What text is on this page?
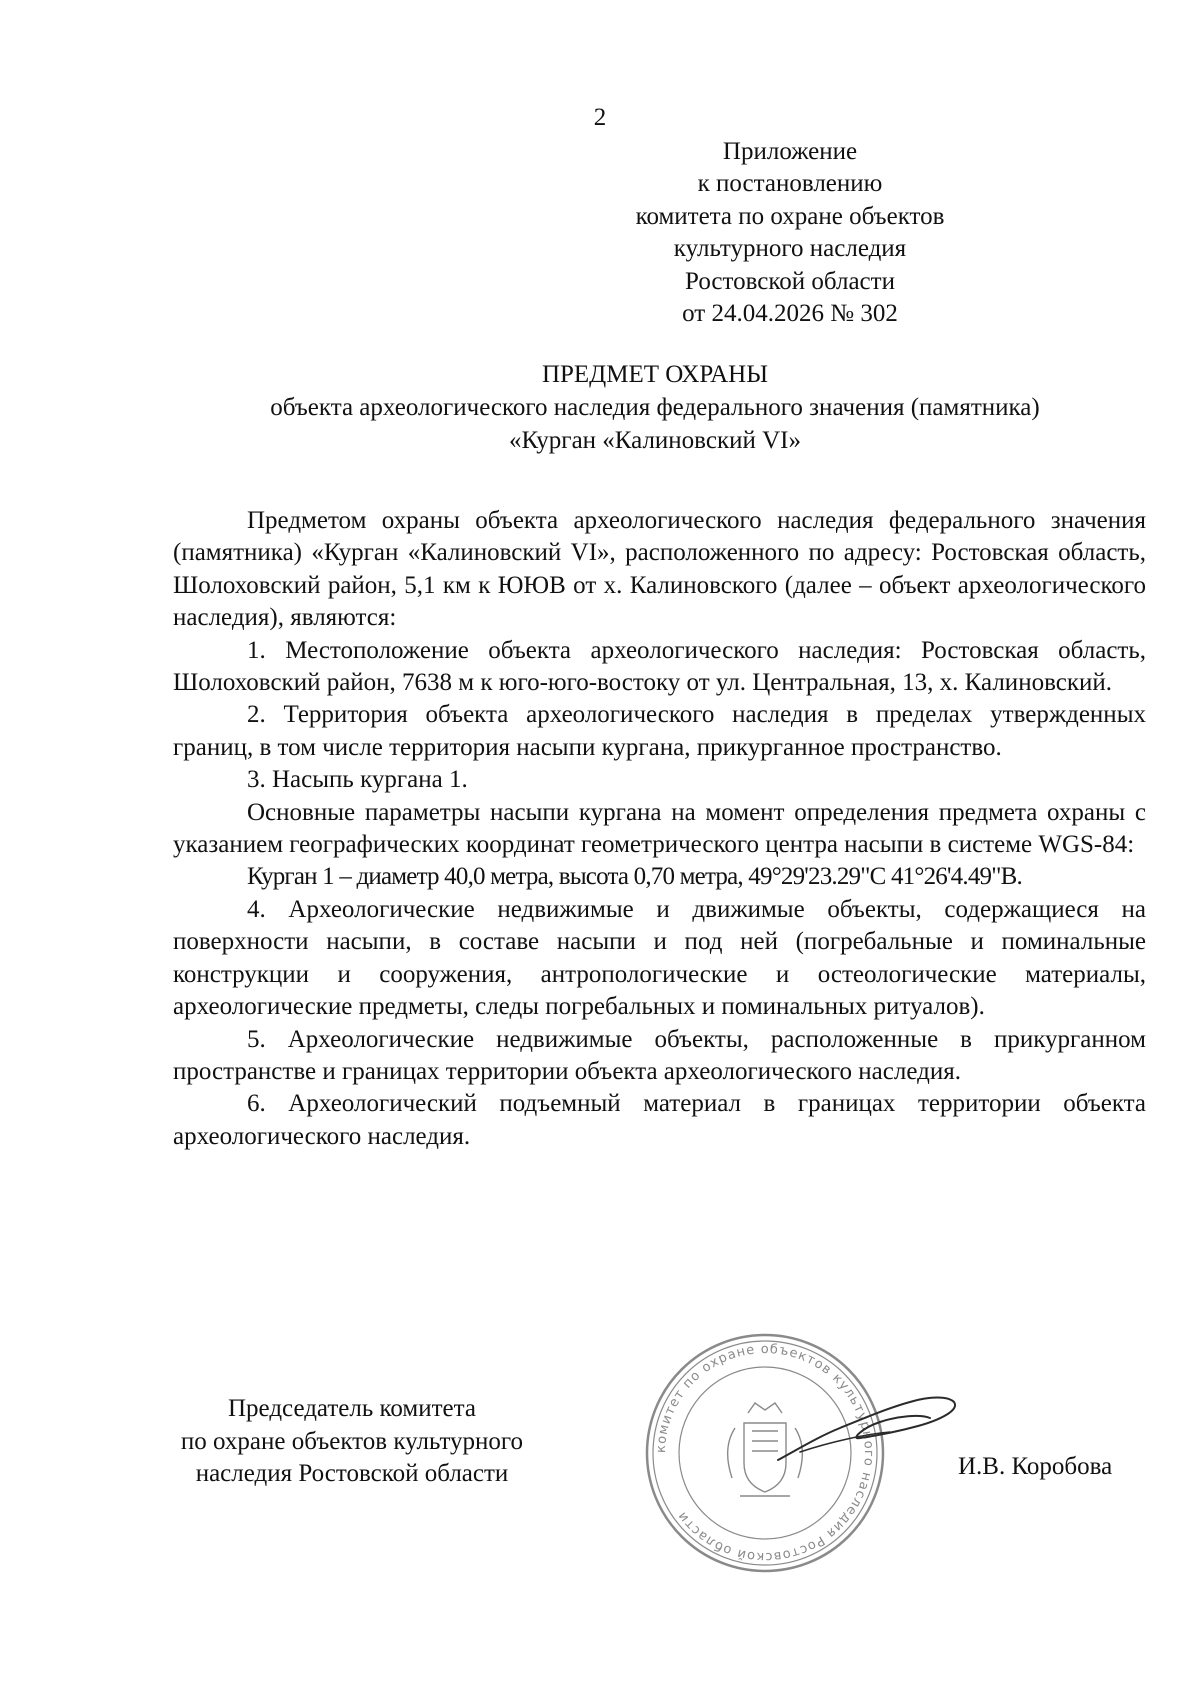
2
Приложение
к постановлению
комитета по охране объектов
культурного наследия
Ростовской области
от 24.04.2026 № 302
ПРЕДМЕТ ОХРАНЫ
объекта археологического наследия федерального значения (памятника)
«Курган «Калиновский VI»

Предметом охраны объекта археологического наследия федерального значения (памятника) «Курган «Калиновский VI», расположенного по адресу: Ростовская область, Шолоховский район, 5,1 км к ЮЮВ от х. Калиновского (далее – объект археологического наследия), являются:

1. Местоположение объекта археологического наследия: Ростовская область, Шолоховский район, 7638 м к юго-юго-востоку от ул. Центральная, 13, х. Калиновский.

2. Территория объекта археологического наследия в пределах утвержденных границ, в том числе территория насыпи кургана, прикурганное пространство.

3. Насыпь кургана 1.

Основные параметры насыпи кургана на момент определения предмета охраны с указанием географических координат геометрического центра насыпи в системе WGS-84:

Курган 1 – диаметр 40,0 метра, высота 0,70 метра, 49°29'23.29"С 41°26'4.49"В.

4. Археологические недвижимые и движимые объекты, содержащиеся на поверхности насыпи, в составе насыпи и под ней (погребальные и поминальные конструкции и сооружения, антропологические и остеологические материалы, археологические предметы, следы погребальных и поминальных ритуалов).

5. Археологические недвижимые объекты, расположенные в прикурганном пространстве и границах территории объекта археологического наследия.

6. Археологический подъемный материал в границах территории объекта археологического наследия.

Председатель комитета
по охране объектов культурного
наследия Ростовской области
комитет по охране объектов культурного наследия Ростовской области
И.В. Коробова
